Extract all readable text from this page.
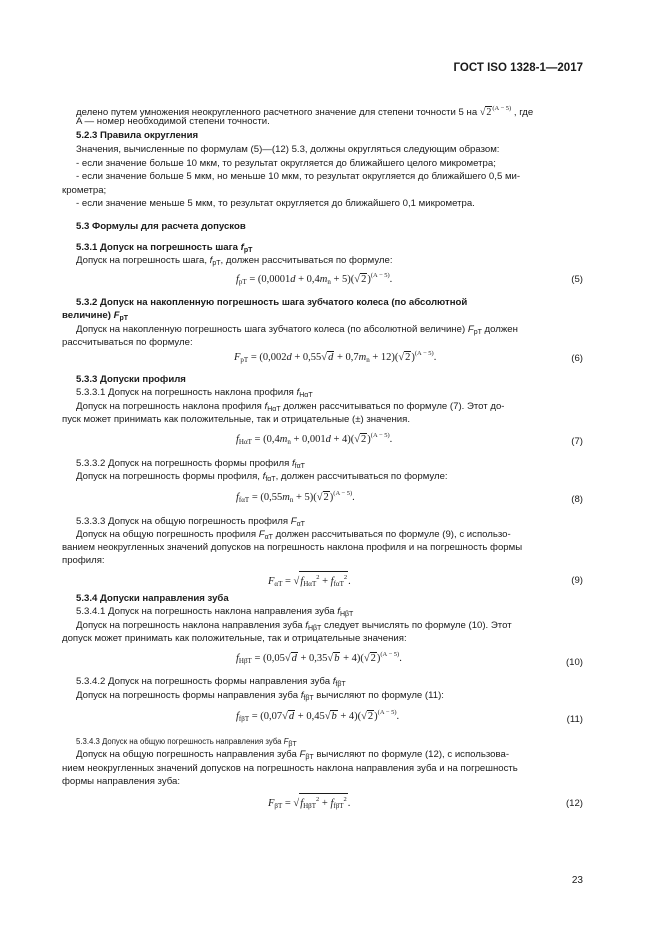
ГОСТ ISO 1328-1—2017
делено путем умножения неокругленного расчетного значение для степени точности 5 на $√2^{(A - 5)}$ , где
A — номер необходимой степени точности.
5.2.3 Правила округления
Значения, вычисленные по формулам (5)—(12) 5.3, должны округляться следующим образом:
- если значение больше 10 мкм, то результат округляется до ближайшего целого микрометра;
- если значение больше 5 мкм, но меньше 10 мкм, то результат округляется до ближайшего 0,5 ми-
крометра;
- если значение меньше 5 мкм, то результат округляется до ближайшего 0,1 микрометра.
5.3 Формулы для расчета допусков
5.3.1 Допуск на погрешность шага $f_{pT}$
Допуск на погрешность шага, $f_{pT}$, должен рассчитываться по формуле:
$f_{pT} = (0,0001d + 0,4m_n + 5)(√2)^{(A - 5)}$.	(5)
5.3.2 Допуск на накопленную погрешность шага зубчатого колеса (по абсолютной
величине) $F_{pT}$
Допуск на накопленную погрешность шага зубчатого колеса (по абсолютной величине) $F_{pT}$ должен
рассчитываться по формуле:
$F_{pT} = (0,002d + 0,55√d + 0,7m_n + 12)(√2)^{(A - 5)}$.	(6)
5.3.3 Допуски профиля
5.3.3.1 Допуск на погрешность наклона профиля $f_{H\alpha T}$
Допуск на погрешность наклона профиля $f_{H\alpha T}$ должен рассчитываться по формуле (7). Этот до-
пуск может принимать как положительные, так и отрицательные (±) значения.
$f_{H\alpha T} = (0,4m_n + 0,001d + 4)(√2)^{(A - 5)}$.	(7)
5.3.3.2 Допуск на погрешность формы профиля $f_{f\alpha T}$
Допуск на погрешность формы профиля, $f_{f\alpha T}$, должен рассчитываться по формуле:
$f_{f\alpha T} = (0,55m_n + 5)(√2)^{(A - 5)}$.	(8)
5.3.3.3 Допуск на общую погрешность профиля $F_{\alpha T}$
Допуск на общую погрешность профиля $F_{\alpha T}$ должен рассчитываться по формуле (9), с использо-
ванием неокругленных значений допусков на погрешность наклона профиля и на погрешность формы
профиля:
$F_{\alpha T} = √f_{H\alpha T}^2 + f_{f\alpha T}^2$.	(9)
5.3.4 Допуски направления зуба
5.3.4.1 Допуск на погрешность наклона направления зуба $f_{H\beta T}$
Допуск на погрешность наклона направления зуба $f_{H\beta T}$ следует вычислять по формуле (10). Этот
допуск может принимать как положительные, так и отрицательные значения:
$f_{H\beta T} = (0,05√d + 0,35√b + 4)(√2)^{(A - 5)}$.	(10)
5.3.4.2 Допуск на погрешность формы направления зуба $f_{f\beta T}$
Допуск на погрешность формы направления зуба $f_{f\beta T}$ вычисляют по формуле (11):
$f_{f\beta T} = (0,07√d + 0,45√b + 4)(√2)^{(A - 5)}$.	(11)
5.3.4.3 Допуск на общую погрешность направления зуба FβT
Допуск на общую погрешность направления зуба $F_{\beta T}$ вычисляют по формуле (12), с использова-
нием неокругленных значений допусков на погрешность наклона направления зуба и на погрешность
формы направления зуба:
$F_{\beta T} = √f_{H\beta T}^2 + f_{f\beta T}^2$.	(12)
23
